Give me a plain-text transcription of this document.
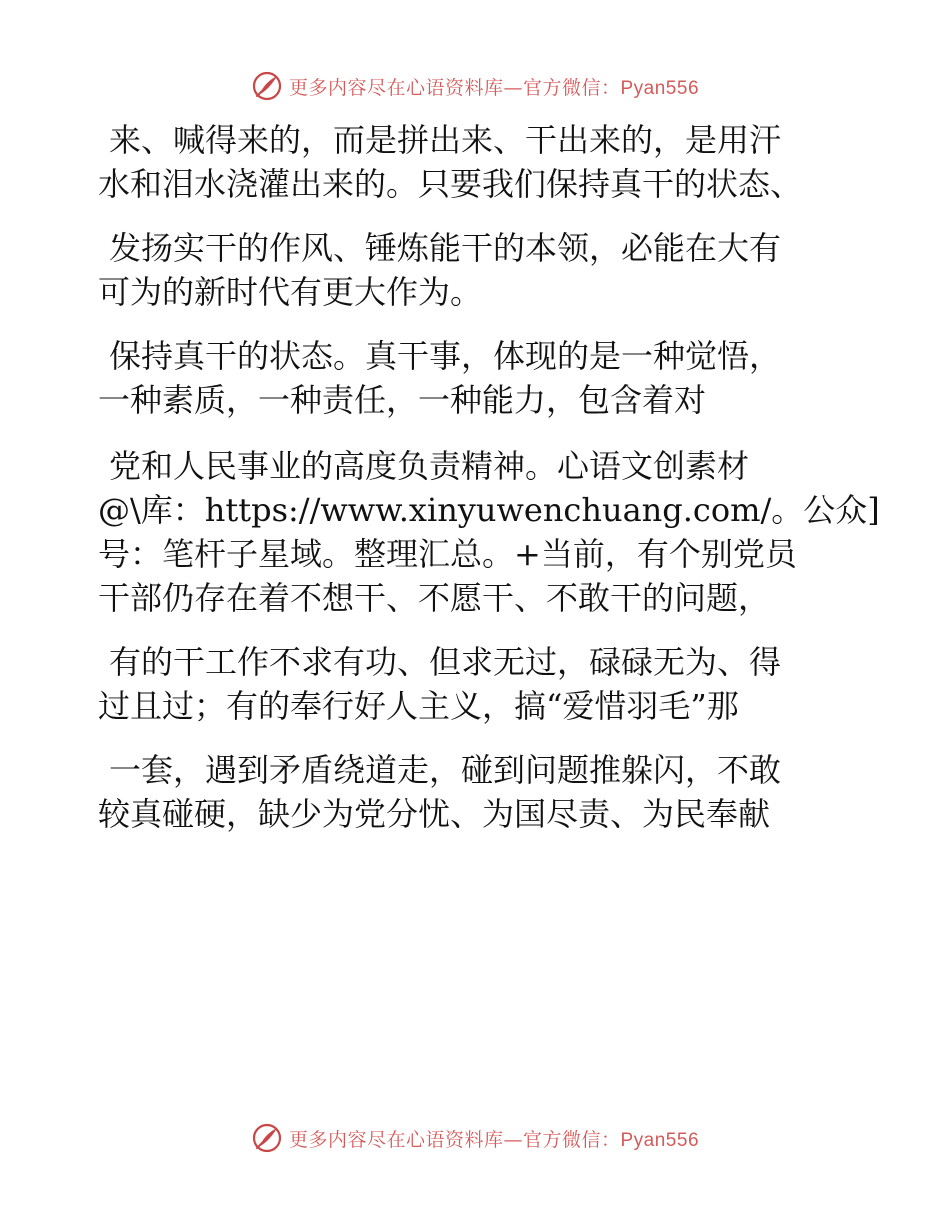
更多内容尽在心语资料库—官方微信：Pyan556

来、喊得来的，而是拼出来、干出来的，是用汗

水和泪水浇灌出来的。只要我们保持真干的状态、

发扬实干的作风、锤炼能干的本领，必能在大有

可为的新时代有更大作为。

保持真干的状态。真干事，体现的是一种觉悟，

一种素质，一种责任，一种能力，包含着对

党和人民事业的高度负责精神。心语文创素材

@\库：https://www.xinyuwenchuang.com/。公众]

号：笔杆子星域。整理汇总。+当前，有个别党员

干部仍存在着不想干、不愿干、不敢干的问题，

有的干工作不求有功、但求无过，碌碌无为、得

过且过；有的奉行好人主义，搞“爱惜羽毛”那

一套，遇到矛盾绕道走，碰到问题推躲闪，不敢

较真碰硬，缺少为党分忧、为国尽责、为民奉献

更多内容尽在心语资料库—官方微信：Pyan556
